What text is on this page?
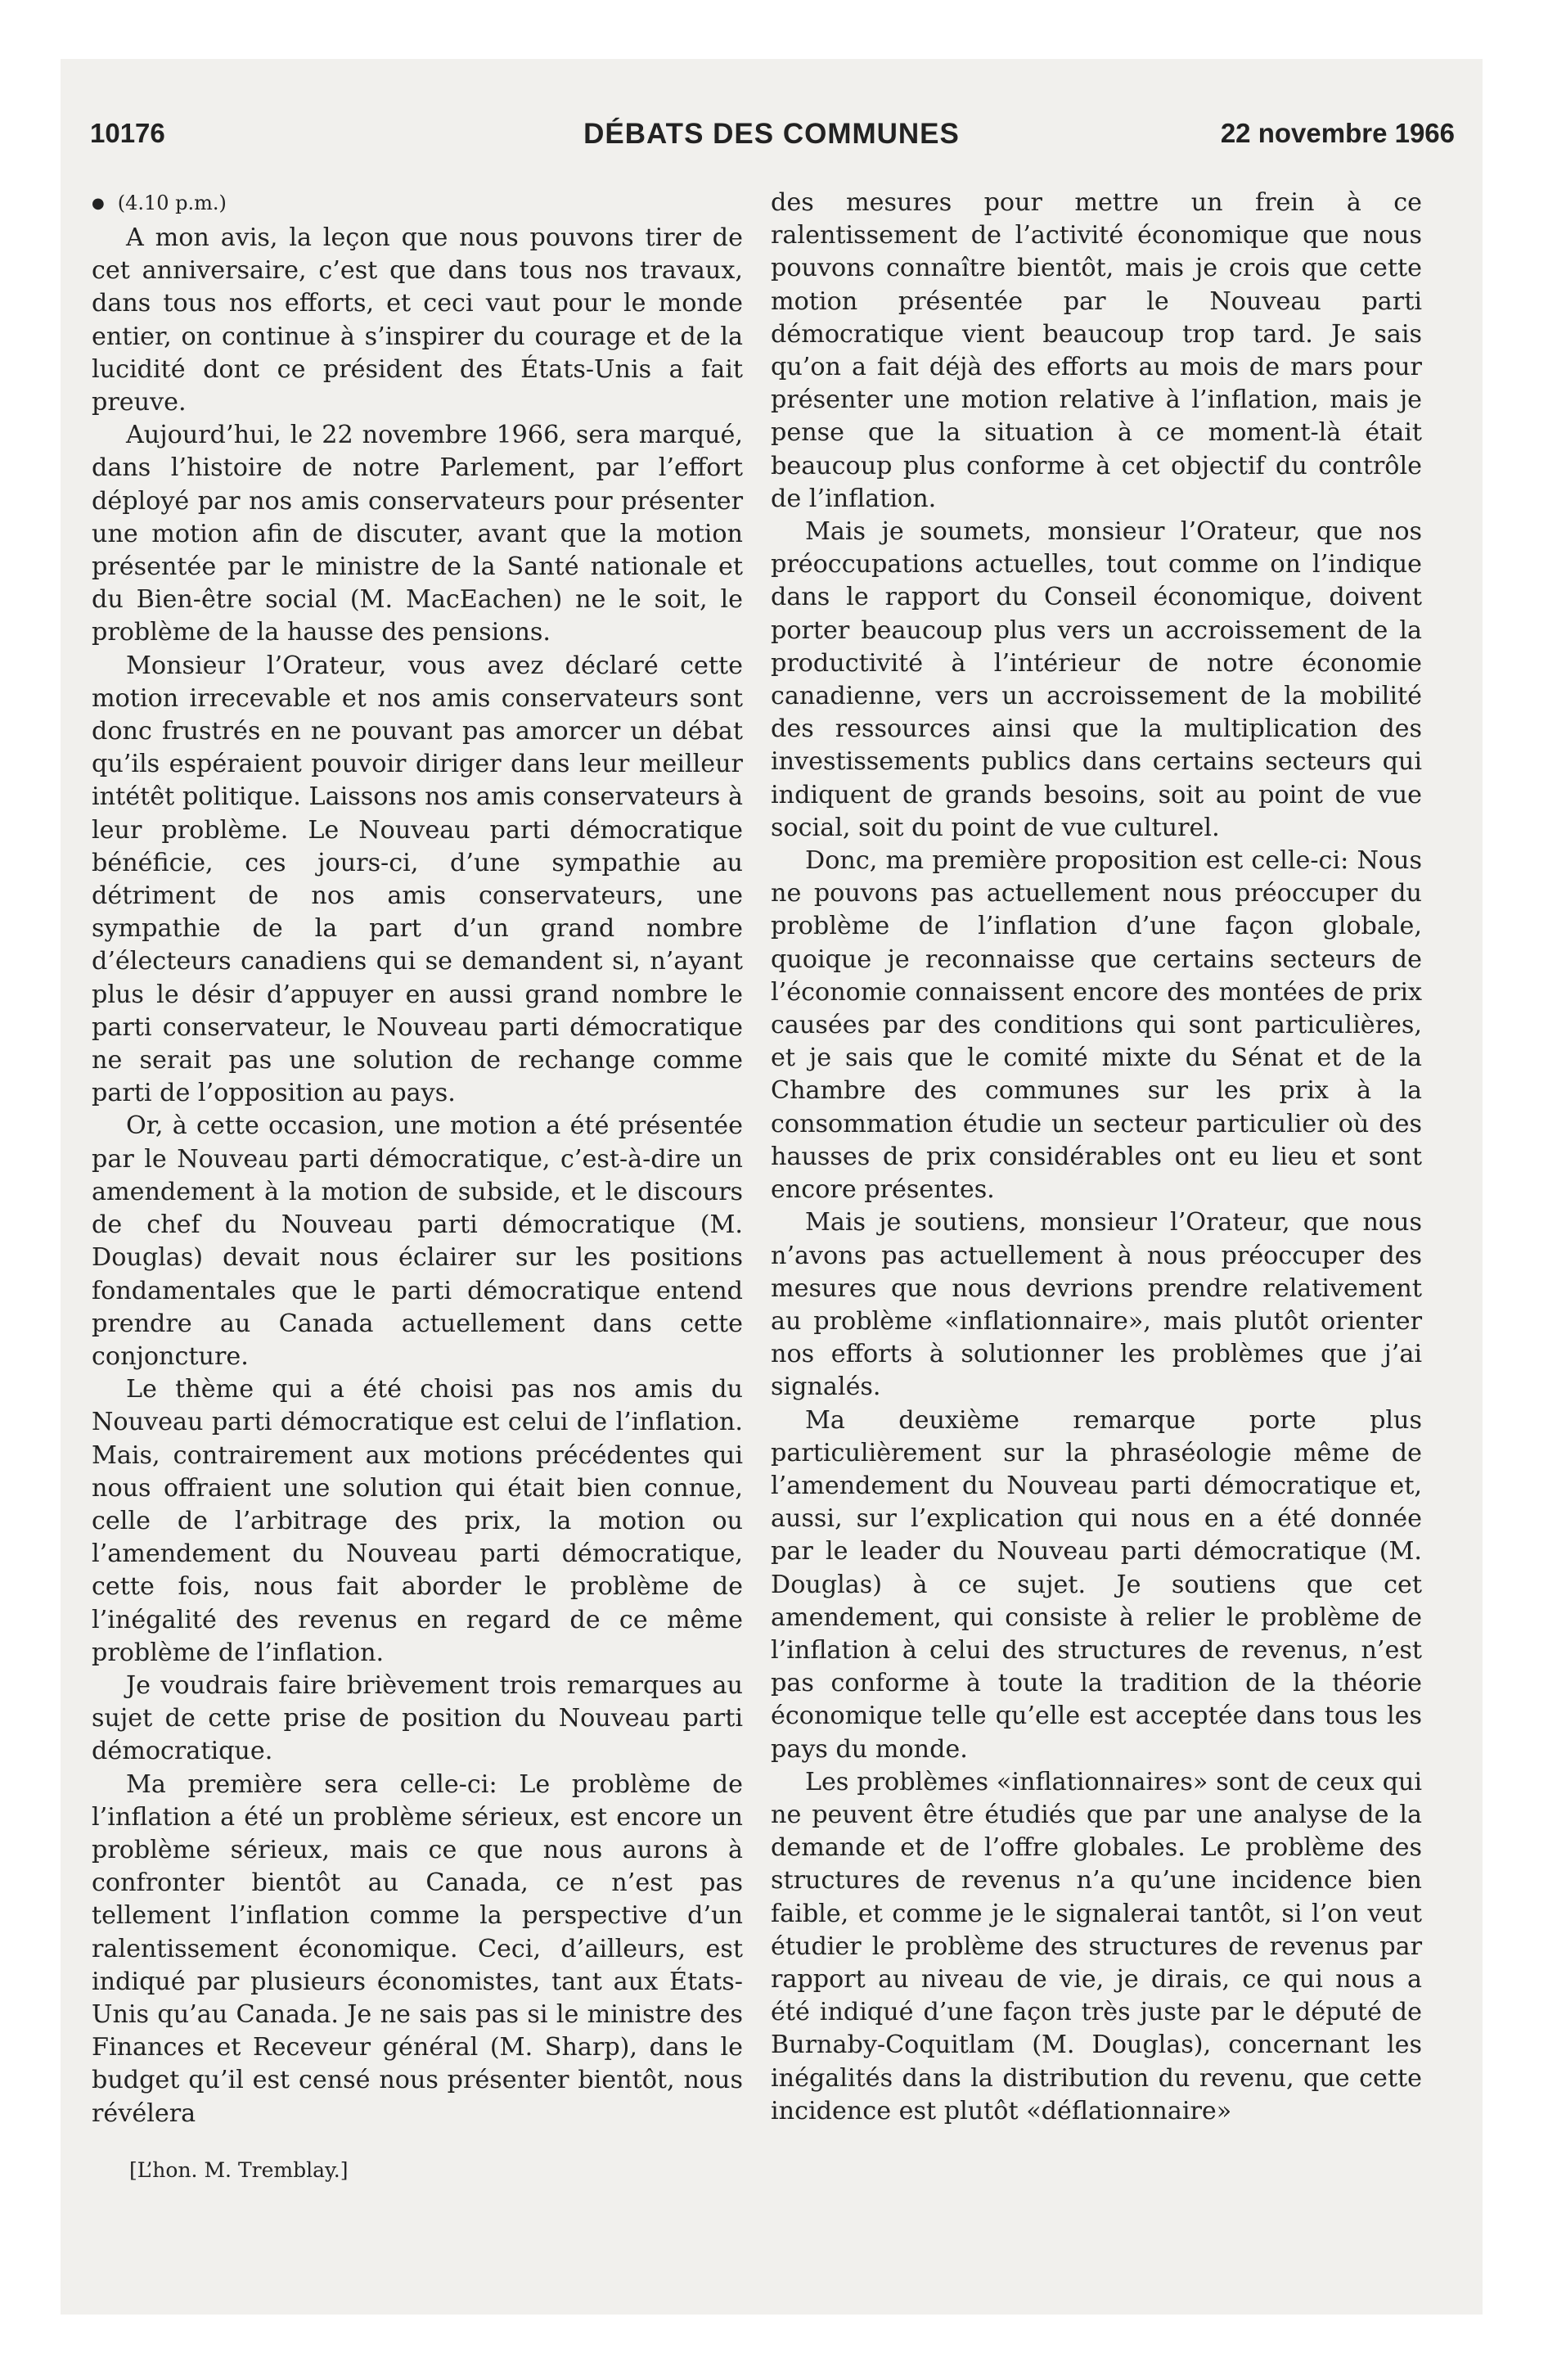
10176	DÉBATS DES COMMUNES	22 novembre 1966
● (4.10 p.m.)

A mon avis, la leçon que nous pouvons tirer de cet anniversaire, c’est que dans tous nos travaux, dans tous nos efforts, et ceci vaut pour le monde entier, on continue à s’inspirer du courage et de la lucidité dont ce président des États-Unis a fait preuve.

Aujourd’hui, le 22 novembre 1966, sera marqué, dans l’histoire de notre Parlement, par l’effort déployé par nos amis conservateurs pour présenter une motion afin de discuter, avant que la motion présentée par le ministre de la Santé nationale et du Bien-être social (M. MacEachen) ne le soit, le problème de la hausse des pensions.

Monsieur l’Orateur, vous avez déclaré cette motion irrecevable et nos amis conservateurs sont donc frustrés en ne pouvant pas amorcer un débat qu’ils espéraient pouvoir diriger dans leur meilleur intétêt politique. Laissons nos amis conservateurs à leur problème. Le Nouveau parti démocratique bénéficie, ces jours-ci, d’une sympathie au détriment de nos amis conservateurs, une sympathie de la part d’un grand nombre d’électeurs canadiens qui se demandent si, n’ayant plus le désir d’appuyer en aussi grand nombre le parti conservateur, le Nouveau parti démocratique ne serait pas une solution de rechange comme parti de l’opposition au pays.

Or, à cette occasion, une motion a été présentée par le Nouveau parti démocratique, c’est-à-dire un amendement à la motion de subside, et le discours de chef du Nouveau parti démocratique (M. Douglas) devait nous éclairer sur les positions fondamentales que le parti démocratique entend prendre au Canada actuellement dans cette conjoncture.

Le thème qui a été choisi pas nos amis du Nouveau parti démocratique est celui de l’inflation. Mais, contrairement aux motions précédentes qui nous offraient une solution qui était bien connue, celle de l’arbitrage des prix, la motion ou l’amendement du Nouveau parti démocratique, cette fois, nous fait aborder le problème de l’inégalité des revenus en regard de ce même problème de l’inflation.

Je voudrais faire brièvement trois remarques au sujet de cette prise de position du Nouveau parti démocratique.

Ma première sera celle-ci: Le problème de l’inflation a été un problème sérieux, est encore un problème sérieux, mais ce que nous aurons à confronter bientôt au Canada, ce n’est pas tellement l’inflation comme la perspective d’un ralentissement économique. Ceci, d’ailleurs, est indiqué par plusieurs économistes, tant aux États-Unis qu’au Canada. Je ne sais pas si le ministre des Finances et Receveur général (M. Sharp), dans le budget qu’il est censé nous présenter bientôt, nous révélera

[L’hon. M. Tremblay.]

des mesures pour mettre un frein à ce ralentissement de l’activité économique que nous pouvons connaître bientôt, mais je crois que cette motion présentée par le Nouveau parti démocratique vient beaucoup trop tard. Je sais qu’on a fait déjà des efforts au mois de mars pour présenter une motion relative à l’inflation, mais je pense que la situation à ce moment-là était beaucoup plus conforme à cet objectif du contrôle de l’inflation.

Mais je soumets, monsieur l’Orateur, que nos préoccupations actuelles, tout comme on l’indique dans le rapport du Conseil économique, doivent porter beaucoup plus vers un accroissement de la productivité à l’intérieur de notre économie canadienne, vers un accroissement de la mobilité des ressources ainsi que la multiplication des investissements publics dans certains secteurs qui indiquent de grands besoins, soit au point de vue social, soit du point de vue culturel.

Donc, ma première proposition est celle-ci: Nous ne pouvons pas actuellement nous préoccuper du problème de l’inflation d’une façon globale, quoique je reconnaisse que certains secteurs de l’économie connaissent encore des montées de prix causées par des conditions qui sont particulières, et je sais que le comité mixte du Sénat et de la Chambre des communes sur les prix à la consommation étudie un secteur particulier où des hausses de prix considérables ont eu lieu et sont encore présentes.

Mais je soutiens, monsieur l’Orateur, que nous n’avons pas actuellement à nous préoccuper des mesures que nous devrions prendre relativement au problème «inflationnaire», mais plutôt orienter nos efforts à solutionner les problèmes que j’ai signalés.

Ma deuxième remarque porte plus particulièrement sur la phraséologie même de l’amendement du Nouveau parti démocratique et, aussi, sur l’explication qui nous en a été donnée par le leader du Nouveau parti démocratique (M. Douglas) à ce sujet. Je soutiens que cet amendement, qui consiste à relier le problème de l’inflation à celui des structures de revenus, n’est pas conforme à toute la tradition de la théorie économique telle qu’elle est acceptée dans tous les pays du monde.

Les problèmes «inflationnaires» sont de ceux qui ne peuvent être étudiés que par une analyse de la demande et de l’offre globales. Le problème des structures de revenus n’a qu’une incidence bien faible, et comme je le signalerai tantôt, si l’on veut étudier le problème des structures de revenus par rapport au niveau de vie, je dirais, ce qui nous a été indiqué d’une façon très juste par le député de Burnaby-Coquitlam (M. Douglas), concernant les inégalités dans la distribution du revenu, que cette incidence est plutôt «déflationnaire»
